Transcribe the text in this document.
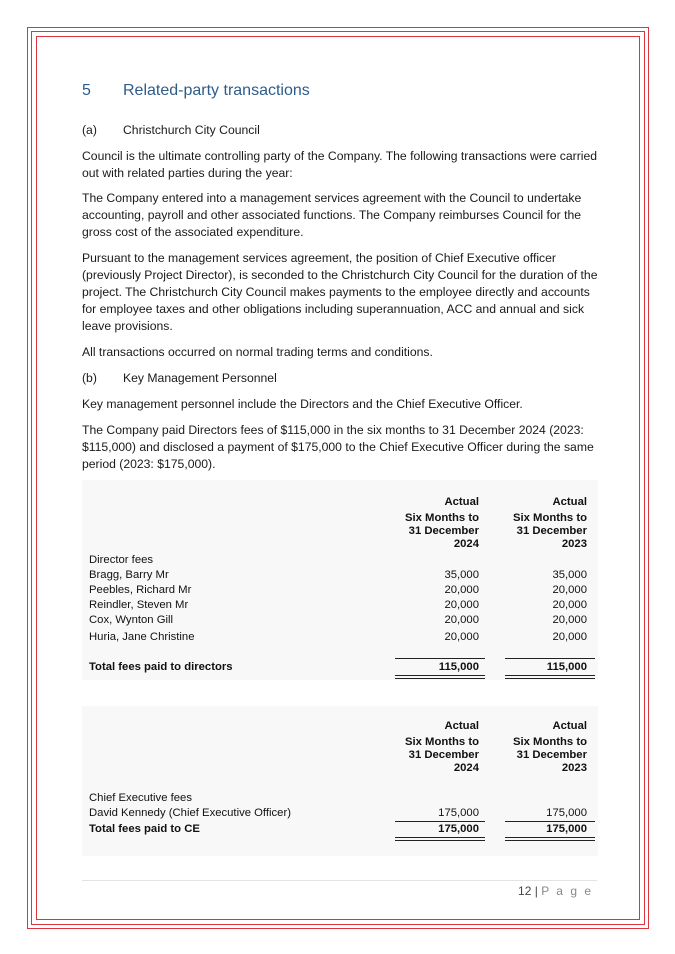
5 Related-party transactions
(a) Christchurch City Council

Council is the ultimate controlling party of the Company. The following transactions were carried out with related parties during the year:

The Company entered into a management services agreement with the Council to undertake accounting, payroll and other associated functions. The Company reimburses Council for the gross cost of the associated expenditure.

Pursuant to the management services agreement, the position of Chief Executive officer (previously Project Director), is seconded to the Christchurch City Council for the duration of the project. The Christchurch City Council makes payments to the employee directly and accounts for employee taxes and other obligations including superannuation, ACC and annual and sick leave provisions.

All transactions occurred on normal trading terms and conditions.

(b) Key Management Personnel

Key management personnel include the Directors and the Chief Executive Officer.

The Company paid Directors fees of $115,000 in the six months to 31 December 2024 (2023: $115,000) and disclosed a payment of $175,000 to the Chief Executive Officer during the same period (2023: $175,000).

Actual
Six Months to
31 December
2024
Actual
Six Months to
31 December
2023
Director fees
Bragg, Barry Mr	35,000	35,000
Peebles, Richard Mr	20,000	20,000
Reindler, Steven Mr	20,000	20,000
Cox, Wynton Gill	20,000	20,000
Huria, Jane Christine	20,000	20,000
Total fees paid to directors	115,000	115,000
Actual
Six Months to
31 December
2024
Actual
Six Months to
31 December
2023
Chief Executive fees
David Kennedy (Chief Executive Officer)	175,000	175,000
Total fees paid to CE	175,000	175,000
12 | P a g e
